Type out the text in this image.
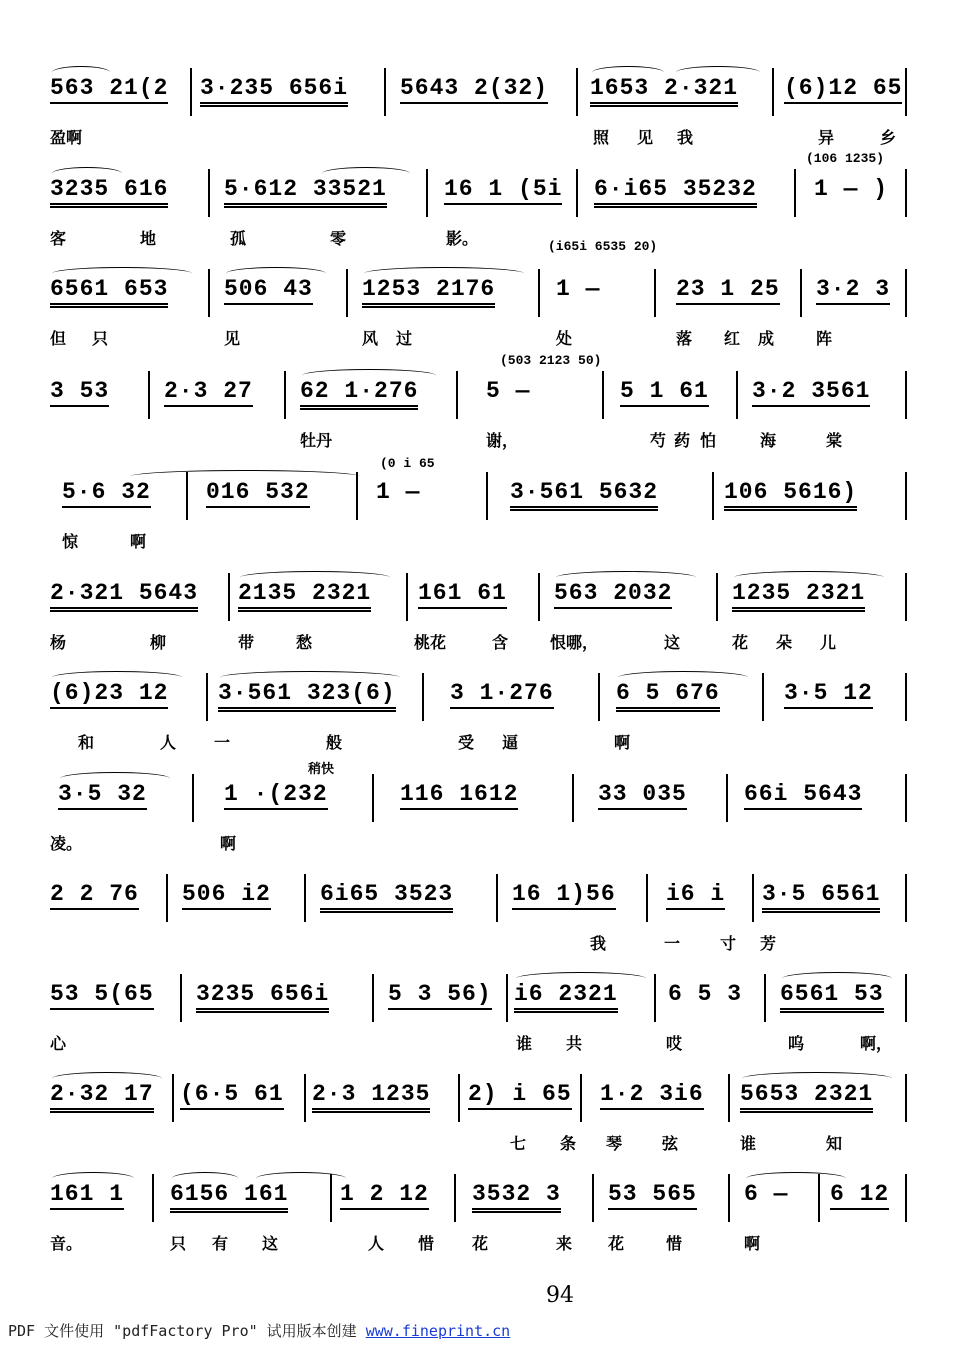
563 21(2 3·235 656i 5643 2(32) 1653 2·321 (6)12 65
盈啊	照 见 我	异	乡
3235 616 5·612 33521 16 1 (5i 6·i65 35232
(106 1235)
1 — )
客	地	孤	零	影。
6561 653 506 43 1253 2176
(i65i 6535 20)
1 —	23 1 25 3·2 3
但 只	见	风 过	处	落 红 成	阵
3 53 2·3 27 62 1·276
(503 2123 50)
5 —	5 1 61 3·2 3561
牡丹	谢，	芍 药 怕	海	棠
5·6 32 016 532
(0 i 65
1 —	3·561 5632	106 5616)
惊	啊
2·321 5643 2135 2321 161 61 563 2032	1235 2321
杨	柳	带	愁	桃花	含	恨哪，	这	花 朵 儿
(6)23 12 3·561 323(6) 3 1·276	6 5 676	3·5 12
和	人 一	般	受 逼	啊
3·5 32
稍快
1 ·(232	116 1612	33 035 66i 5643
凌。	啊
2 2 76 506 i2 6i65 3523	16 1)56 i6 i 3·5 6561
我	一 寸 芳
53 5(65 3235 656i	5 3 56) i6 2321 6 5 3 6561 53
心	谁 共	哎	呜	啊，
2·32 17 (6·5 61 2·3 1235 2) i 65 1·2 3i6 5653 2321
七 条 琴 弦	谁	知
161 1 6156 161 1 2 12 3532 3 53 565 6 — 6 12
音。	只 有 这	人 惜 花	来 花	惜	啊
94
PDF 文件使用 "pdfFactory Pro" 试用版本创建 www.fineprint.cn
